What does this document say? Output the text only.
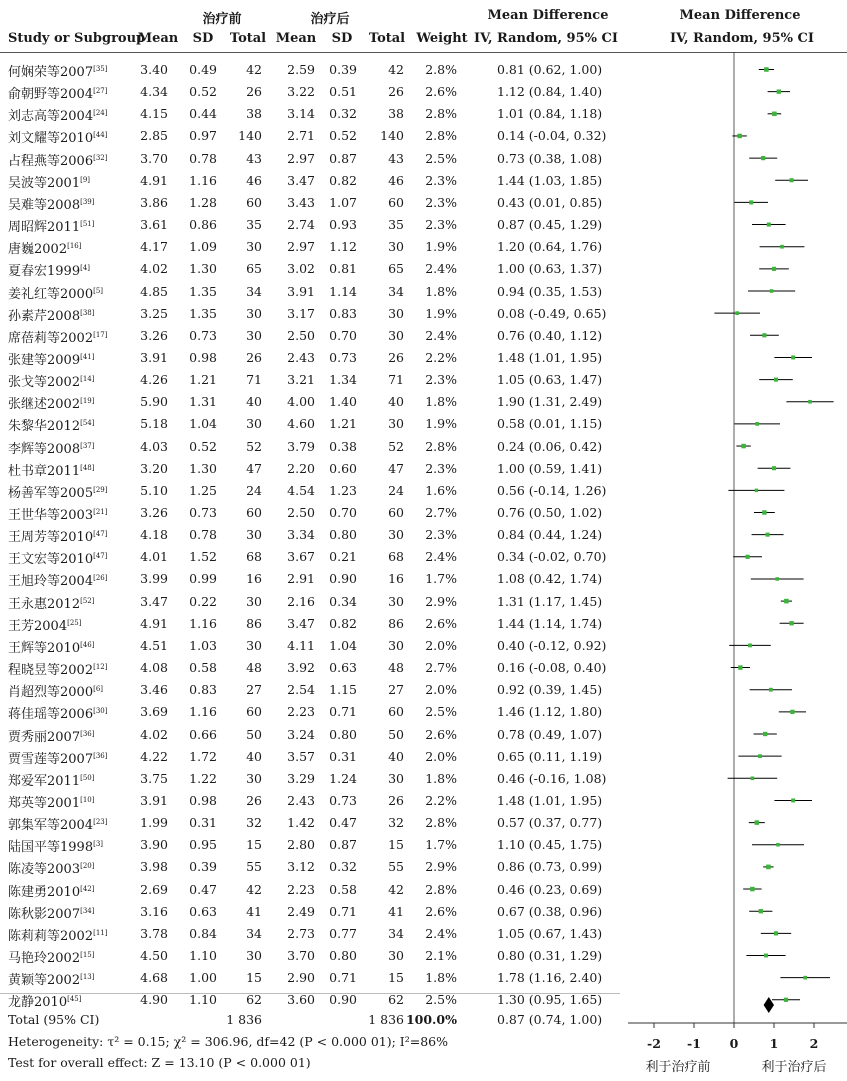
治疗前	治疗后	Mean Difference	Mean Difference
Study or Subgroup
Mean SD Total Mean SD Total Weight IV, Random, 95% CI	IV, Random, 95% CI
何娴荣等2007[35]	3.40 0.49 42 2.59 0.39 42 2.8%	0.81 (0.62, 1.00)
俞朝野等2004[27]	4.34 0.52 26 3.22 0.51 26 2.6%	1.12 (0.84, 1.40)
刘志高等2004[24]	4.15 0.44 38 3.14 0.32 38 2.8%	1.01 (0.84, 1.18)
刘文耀等2010[44]	2.85 0.97 140 2.71 0.52 140 2.8%	0.14 (-0.04, 0.32)
占程燕等2006[32]	3.70 0.78 43 2.97 0.87 43 2.5%	0.73 (0.38, 1.08)
吴波等2001[9]	4.91 1.16 46 3.47 0.82 46 2.3%	1.44 (1.03, 1.85)
吴难等2008[39]	3.86 1.28 60 3.43 1.07 60 2.3%	0.43 (0.01, 0.85)
周昭辉2011[51]	3.61 0.86 35 2.74 0.93 35 2.3%	0.87 (0.45, 1.29)
唐巍2002[16]	4.17 1.09 30 2.97 1.12 30 1.9%	1.20 (0.64, 1.76)
夏春宏1999[4]	4.02 1.30 65 3.02 0.81 65 2.4%	1.00 (0.63, 1.37)
姜礼红等2000[5]	4.85 1.35 34 3.91 1.14 34 1.8%	0.94 (0.35, 1.53)
孙素芹2008[38]	3.25 1.35 30 3.17 0.83 30 1.9%	0.08 (-0.49, 0.65)
席蓓莉等2002[17]	3.26 0.73 30 2.50 0.70 30 2.4%	0.76 (0.40, 1.12)
张建等2009[41]	3.91 0.98 26 2.43 0.73 26 2.2%	1.48 (1.01, 1.95)
张戈等2002[14]	4.26 1.21 71 3.21 1.34 71 2.3%	1.05 (0.63, 1.47)
张继述2002[19]	5.90 1.31 40 4.00 1.40 40 1.8%	1.90 (1.31, 2.49)
朱黎华2012[54]	5.18 1.04 30 4.60 1.21 30 1.9%	0.58 (0.01, 1.15)
李辉等2008[37]	4.03 0.52 52 3.79 0.38 52 2.8%	0.24 (0.06, 0.42)
杜书章2011[48]	3.20 1.30 47 2.20 0.60 47 2.3%	1.00 (0.59, 1.41)
杨善军等2005[29]	5.10 1.25 24 4.54 1.23 24 1.6%	0.56 (-0.14, 1.26)
王世华等2003[21]	3.26 0.73 60 2.50 0.70 60 2.7%	0.76 (0.50, 1.02)
王周芳等2010[47]	4.18 0.78 30 3.34 0.80 30 2.3%	0.84 (0.44, 1.24)
王文宏等2010[47]	4.01 1.52 68 3.67 0.21 68 2.4%	0.34 (-0.02, 0.70)
王旭玲等2004[26]	3.99 0.99 16 2.91 0.90 16 1.7%	1.08 (0.42, 1.74)
王永惠2012[52]	3.47 0.22 30 2.16 0.34 30 2.9%	1.31 (1.17, 1.45)
王芳2004[25]	4.91 1.16 86 3.47 0.82 86 2.6%	1.44 (1.14, 1.74)
王辉等2010[46]	4.51 1.03 30 4.11 1.04 30 2.0%	0.40 (-0.12, 0.92)
程晓昱等2002[12]	4.08 0.58 48 3.92 0.63 48 2.7%	0.16 (-0.08, 0.40)
肖超烈等2000[6]	3.46 0.83 27 2.54 1.15 27 2.0%	0.92 (0.39, 1.45)
蒋佳瑶等2006[30]	3.69 1.16 60 2.23 0.71 60 2.5%	1.46 (1.12, 1.80)
贾秀丽2007[36]	4.02 0.66 50 3.24 0.80 50 2.6%	0.78 (0.49, 1.07)
贾雪莲等2007[36]	4.22 1.72 40 3.57 0.31 40 2.0%	0.65 (0.11, 1.19)
郑爱军2011[50]	3.75 1.22 30 3.29 1.24 30 1.8%	0.46 (-0.16, 1.08)
郑英等2001[10]	3.91 0.98 26 2.43 0.73 26 2.2%	1.48 (1.01, 1.95)
郭集军等2004[23]	1.99 0.31 32 1.42 0.47 32 2.8%	0.57 (0.37, 0.77)
陆国平等1998[3]	3.90 0.95 15 2.80 0.87 15 1.7%	1.10 (0.45, 1.75)
陈凌等2003[20]	3.98 0.39 55 3.12 0.32 55 2.9%	0.86 (0.73, 0.99)
陈建勇2010[42]	2.69 0.47 42 2.23 0.58 42 2.8%	0.46 (0.23, 0.69)
陈秋影2007[34]	3.16 0.63 41 2.49 0.71 41 2.6%	0.67 (0.38, 0.96)
陈莉莉等2002[11]	3.78 0.84 34 2.73 0.77 34 2.4%	1.05 (0.67, 1.43)
马艳玲2002[15]	4.50 1.10 30 3.70 0.80 30 2.1%	0.80 (0.31, 1.29)
黄颖等2002[13]	4.68 1.00 15 2.90 0.71 15 1.8%	1.78 (1.16, 2.40)
龙静2010[45]	4.90 1.10 62 3.60 0.90 62 2.5%	1.30 (0.95, 1.65)
Total (95% CI)	1 836	1 836 100.0%	0.87 (0.74, 1.00)
Heterogeneity: τ² = 0.15; χ² = 306.96, df=42 (P < 0.000 01); I²=86%
Test for overall effect: Z = 13.10 (P < 0.000 01)
-2 -1 0	1	2
利于治疗前	利于治疗后
